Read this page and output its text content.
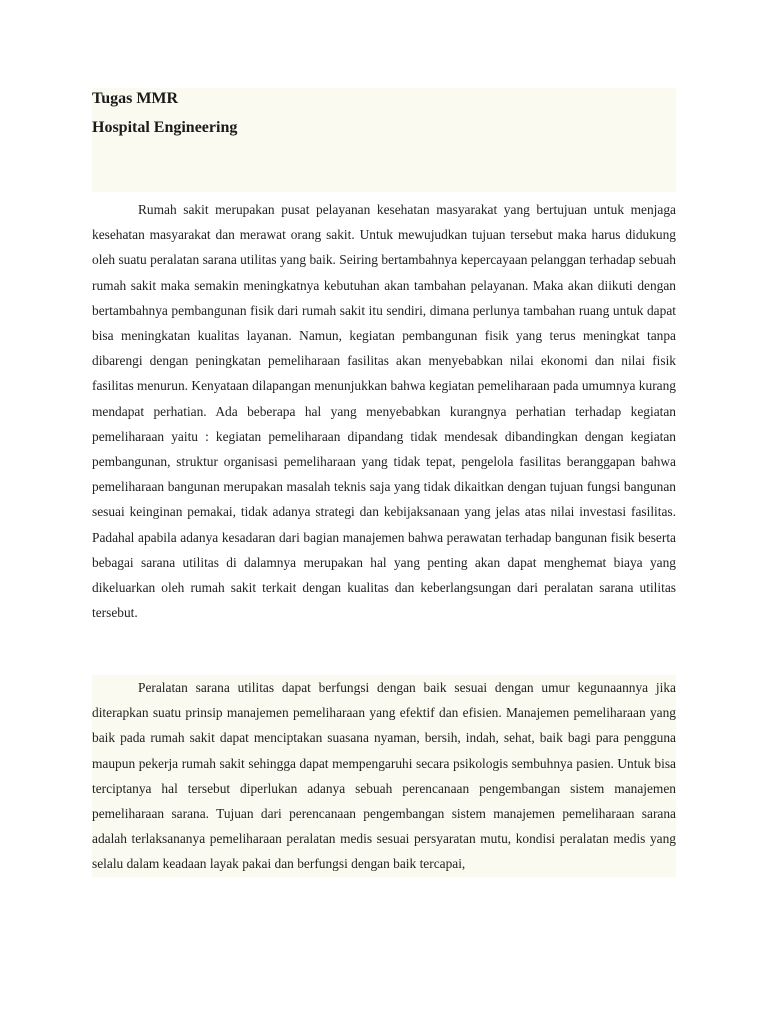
Tugas MMR
Hospital Engineering

Rumah sakit merupakan pusat pelayanan kesehatan masyarakat yang bertujuan untuk menjaga kesehatan masyarakat dan merawat orang sakit. Untuk mewujudkan tujuan tersebut maka harus didukung oleh suatu peralatan sarana utilitas yang baik. Seiring bertambahnya kepercayaan pelanggan terhadap sebuah rumah sakit maka semakin meningkatnya kebutuhan akan tambahan pelayanan. Maka akan diikuti dengan bertambahnya pembangunan fisik dari rumah sakit itu sendiri, dimana perlunya tambahan ruang untuk dapat bisa meningkatan kualitas layanan. Namun, kegiatan pembangunan fisik yang terus meningkat tanpa dibarengi dengan peningkatan pemeliharaan fasilitas akan menyebabkan nilai ekonomi dan nilai fisik fasilitas menurun. Kenyataan dilapangan menunjukkan bahwa kegiatan pemeliharaan pada umumnya kurang mendapat perhatian. Ada beberapa hal yang menyebabkan kurangnya perhatian terhadap kegiatan pemeliharaan yaitu : kegiatan pemeliharaan dipandang tidak mendesak dibandingkan dengan kegiatan pembangunan, struktur organisasi pemeliharaan yang tidak tepat, pengelola fasilitas beranggapan bahwa pemeliharaan bangunan merupakan masalah teknis saja yang tidak dikaitkan dengan tujuan fungsi bangunan sesuai keinginan pemakai, tidak adanya strategi dan kebijaksanaan yang jelas atas nilai investasi fasilitas. Padahal apabila adanya kesadaran dari bagian manajemen bahwa perawatan terhadap bangunan fisik beserta bebagai sarana utilitas di dalamnya merupakan hal yang penting akan dapat menghemat biaya yang dikeluarkan oleh rumah sakit terkait dengan kualitas dan keberlangsungan dari peralatan sarana utilitas tersebut.

Peralatan sarana utilitas dapat berfungsi dengan baik sesuai dengan umur kegunaannya jika diterapkan suatu prinsip manajemen pemeliharaan yang efektif dan efisien. Manajemen pemeliharaan yang baik pada rumah sakit dapat menciptakan suasana nyaman, bersih, indah, sehat, baik bagi para pengguna maupun pekerja rumah sakit sehingga dapat mempengaruhi secara psikologis sembuhnya pasien. Untuk bisa terciptanya hal tersebut diperlukan adanya sebuah perencanaan pengembangan sistem manajemen pemeliharaan sarana. Tujuan dari perencanaan pengembangan sistem manajemen pemeliharaan sarana adalah terlaksananya pemeliharaan peralatan medis sesuai persyaratan mutu, kondisi peralatan medis yang selalu dalam keadaan layak pakai dan berfungsi dengan baik tercapai,
